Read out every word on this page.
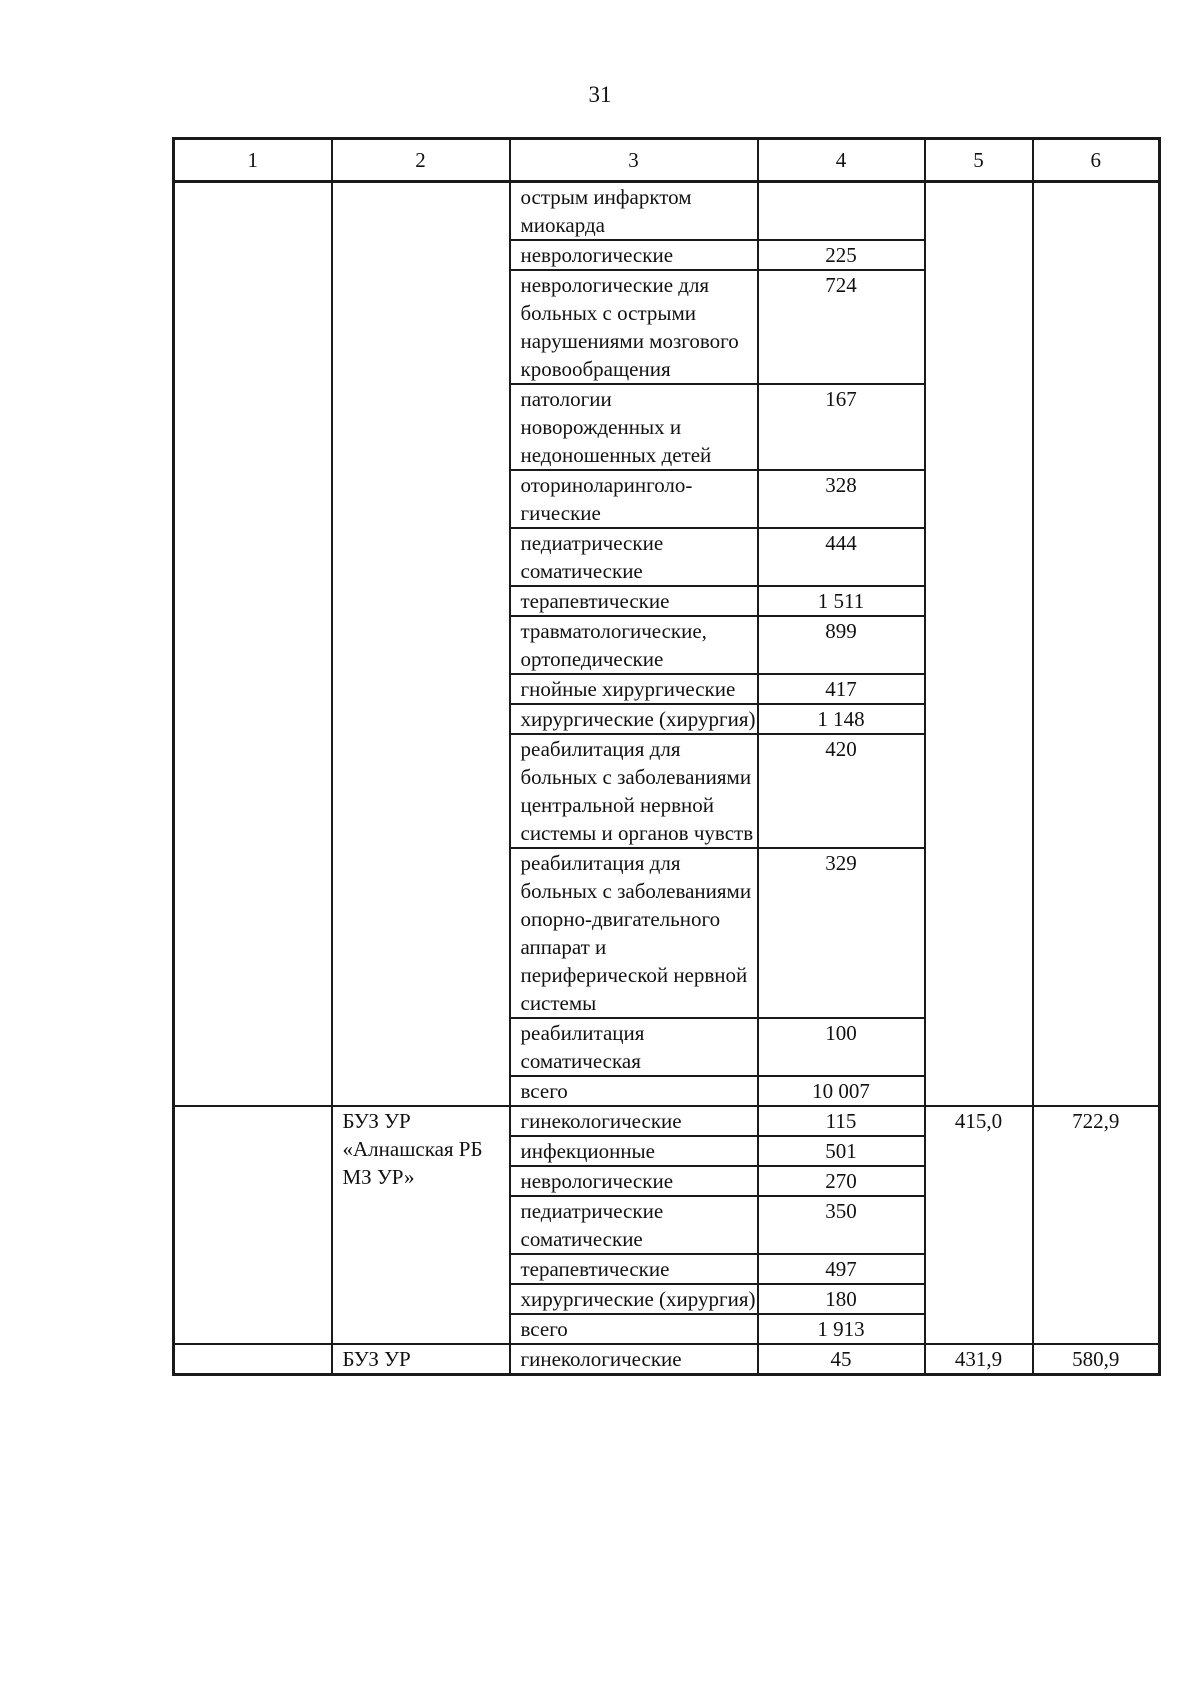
31
1	2	3	4	5	6
		острым инфарктом миокарда			
		неврологические	225		
		неврологические для больных с острыми нарушениями мозгового кровообращения	724		
		патологии новорожденных и недоношенных детей	167		
		оториноларинголо-гические	328		
		педиатрические соматические	444		
		терапевтические	1 511		
		травматологические, ортопедические	899		
		гнойные хирургические	417		
		хирургические (хирургия)	1 148		
		реабилитация для больных с заболеваниями центральной нервной системы и органов чувств	420		
		реабилитация для больных с заболеваниями опорно-двигательного аппарат и периферической нервной системы	329		
		реабилитация соматическая	100		
		всего	10 007		
	БУЗ УР «Алнашская РБ МЗ УР»	гинекологические	115	415,0	722,9
		инфекционные	501		
		неврологические	270		
		педиатрические соматические	350		
		терапевтические	497		
		хирургические (хирургия)	180		
		всего	1 913		
	БУЗ УР	гинекологические	45	431,9	580,9
